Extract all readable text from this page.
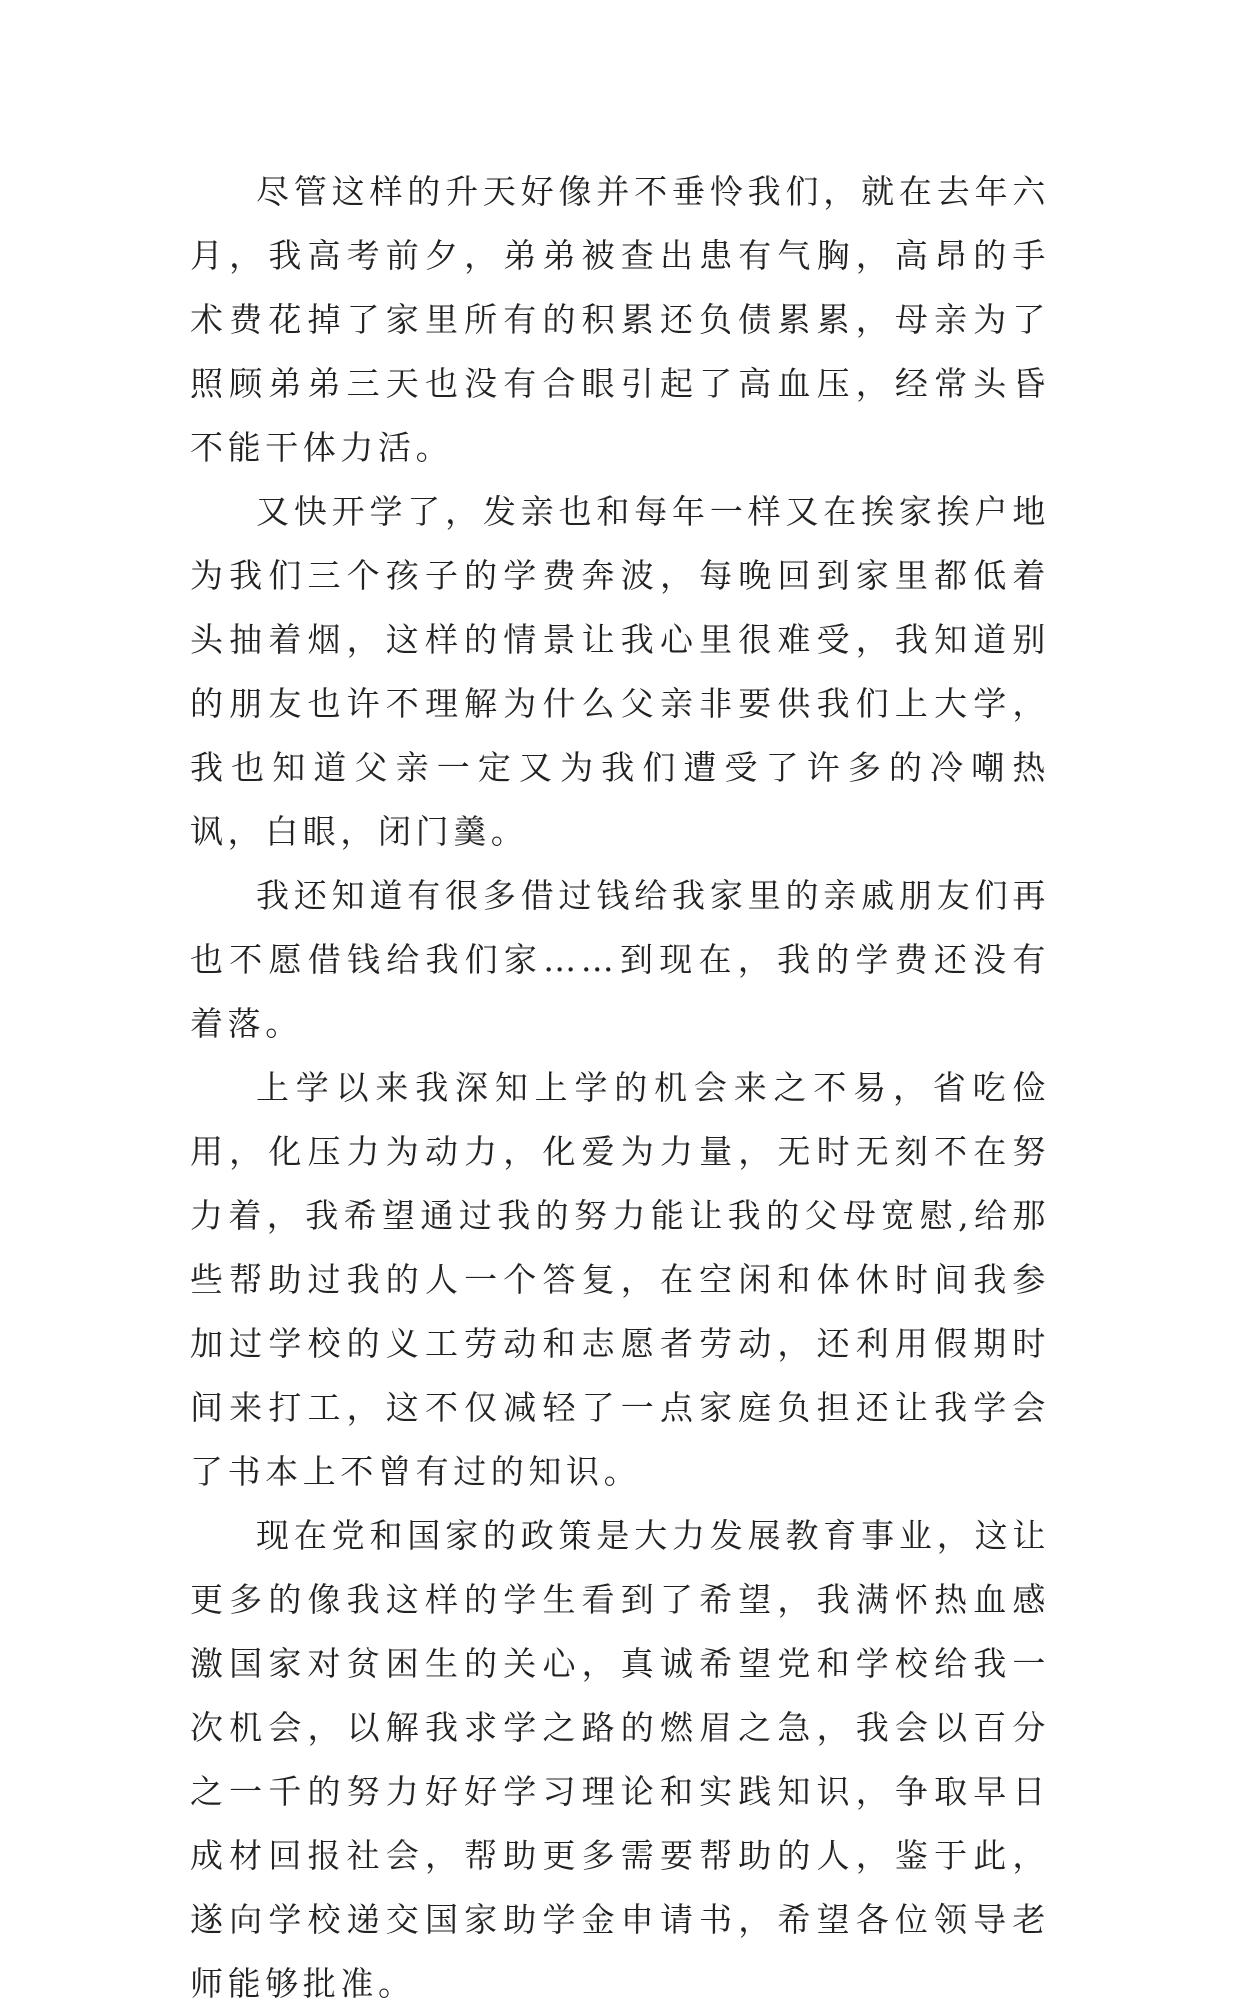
尽管这样的升天好像并不垂怜我们，就在去年六月，我高考前夕，弟弟被查出患有气胸，高昂的手术费花掉了家里所有的积累还负债累累，母亲为了照顾弟弟三天也没有合眼引起了高血压，经常头昏不能干体力活。

又快开学了，发亲也和每年一样又在挨家挨户地为我们三个孩子的学费奔波，每晚回到家里都低着头抽着烟，这样的情景让我心里很难受，我知道别的朋友也许不理解为什么父亲非要供我们上大学，我也知道父亲一定又为我们遭受了许多的冷嘲热讽，白眼，闭门羹。

我还知道有很多借过钱给我家里的亲戚朋友们再也不愿借钱给我们家……到现在，我的学费还没有着落。

上学以来我深知上学的机会来之不易，省吃俭用，化压力为动力，化爱为力量，无时无刻不在努力着，我希望通过我的努力能让我的父母宽慰,给那些帮助过我的人一个答复，在空闲和体休时间我参加过学校的义工劳动和志愿者劳动，还利用假期时间来打工，这不仅减轻了一点家庭负担还让我学会了书本上不曾有过的知识。

现在党和国家的政策是大力发展教育事业，这让更多的像我这样的学生看到了希望，我满怀热血感激国家对贫困生的关心，真诚希望党和学校给我一次机会，以解我求学之路的燃眉之急，我会以百分之一千的努力好好学习理论和实践知识，争取早日成材回报社会，帮助更多需要帮助的人，鉴于此，遂向学校递交国家助学金申请书，希望各位领导老师能够批准。
